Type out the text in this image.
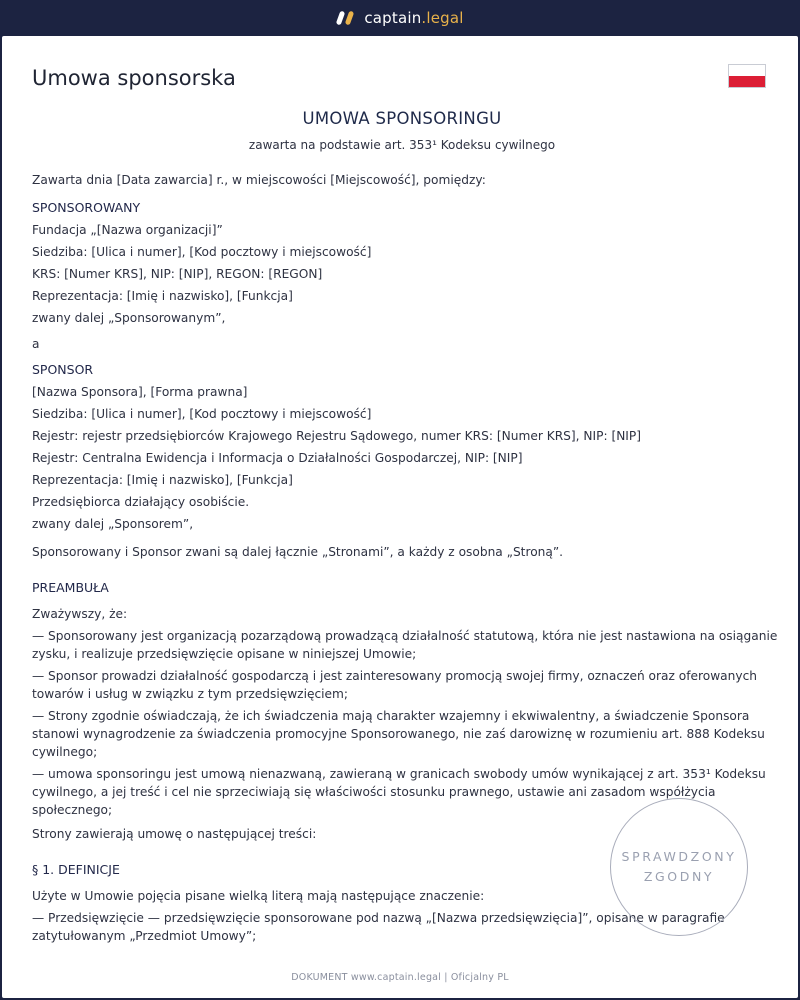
captain.legal
Umowa sponsorska
UMOWA SPONSORINGU

zawarta na podstawie art. 353¹ Kodeksu cywilnego

Zawarta dnia [Data zawarcia] r., w miejscowości [Miejscowość], pomiędzy:

SPONSOROWANY

Fundacja „[Nazwa organizacji]”

Siedziba: [Ulica i numer], [Kod pocztowy i miejscowość]

KRS: [Numer KRS], NIP: [NIP], REGON: [REGON]

Reprezentacja: [Imię i nazwisko], [Funkcja]

zwany dalej „Sponsorowanym”,

a

SPONSOR

[Nazwa Sponsora], [Forma prawna]

Siedziba: [Ulica i numer], [Kod pocztowy i miejscowość]

Rejestr: rejestr przedsiębiorców Krajowego Rejestru Sądowego, numer KRS: [Numer KRS], NIP: [NIP]

Rejestr: Centralna Ewidencja i Informacja o Działalności Gospodarczej, NIP: [NIP]

Reprezentacja: [Imię i nazwisko], [Funkcja]

Przedsiębiorca działający osobiście.

zwany dalej „Sponsorem”,

Sponsorowany i Sponsor zwani są dalej łącznie „Stronami”, a każdy z osobna „Stroną”.

PREAMBUŁA

Zważywszy, że:

— Sponsorowany jest organizacją pozarządową prowadzącą działalność statutową, która nie jest nastawiona na osiąganie

zysku, i realizuje przedsięwzięcie opisane w niniejszej Umowie;

— Sponsor prowadzi działalność gospodarczą i jest zainteresowany promocją swojej firmy, oznaczeń oraz oferowanych

towarów i usług w związku z tym przedsięwzięciem;

— Strony zgodnie oświadczają, że ich świadczenia mają charakter wzajemny i ekwiwalentny, a świadczenie Sponsora

stanowi wynagrodzenie za świadczenia promocyjne Sponsorowanego, nie zaś darowiznę w rozumieniu art. 888 Kodeksu

cywilnego;

— umowa sponsoringu jest umową nienazwaną, zawieraną w granicach swobody umów wynikającej z art. 353¹ Kodeksu

cywilnego, a jej treść i cel nie sprzeciwiają się właściwości stosunku prawnego, ustawie ani zasadom współżycia

społecznego;

Strony zawierają umowę o następującej treści:

§ 1. DEFINICJE

Użyte w Umowie pojęcia pisane wielką literą mają następujące znaczenie:

— Przedsięwzięcie — przedsięwzięcie sponsorowane pod nazwą „[Nazwa przedsięwzięcia]”, opisane w paragrafie

zatytułowanym „Przedmiot Umowy”;

SPRAWDZONY
ZGODNY
DOKUMENT www.captain.legal | Oficjalny PL
